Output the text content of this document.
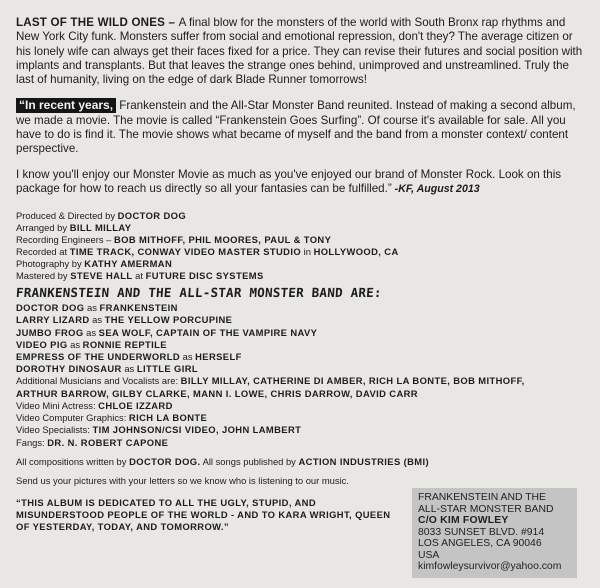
LAST OF THE WILD ONES – A final blow for the monsters of the world with South Bronx rap rhythms and New York City funk. Monsters suffer from social and emotional repression, don't they? The average citizen or his lonely wife can always get their faces fixed for a price. They can revise their futures and social position with implants and transplants. But that leaves the strange ones behind, unimproved and unstreamlined. Truly the last of humanity, living on the edge of dark Blade Runner tomorrows!

“In recent years, Frankenstein and the All-Star Monster Band reunited. Instead of making a second album, we made a movie. The movie is called “Frankenstein Goes Surfing”. Of course it's available for sale. All you have to do is find it. The movie shows what became of myself and the band from a monster context/ content perspective.

I know you'll enjoy our Monster Movie as much as you've enjoyed our brand of Monster Rock. Look on this package for how to reach us directly so all your fantasies can be fulfilled.” -KF, August 2013

Produced & Directed by DOCTOR DOG
Arranged by BILL MILLAY
Recording Engineers – BOB MITHOFF, PHIL MOORES, PAUL & TONY
Recorded at TIME TRACK, CONWAY VIDEO MASTER STUDIO in HOLLYWOOD, CA
Photography by KATHY AMERMAN
Mastered by STEVE HALL at FUTURE DISC SYSTEMS
FRANKENSTEIN AND THE ALL-STAR MONSTER BAND ARE:
DOCTOR DOG as FRANKENSTEIN
LARRY LIZARD as THE YELLOW PORCUPINE
JUMBO FROG as SEA WOLF, CAPTAIN OF THE VAMPIRE NAVY
VIDEO PIG as RONNIE REPTILE
EMPRESS OF THE UNDERWORLD as HERSELF
DOROTHY DINOSAUR as LITTLE GIRL
Additional Musicians and Vocalists are: BILLY MILLAY, CATHERINE DI AMBER, RICH LA BONTE, BOB MITHOFF,
ARTHUR BARROW, GILBY CLARKE, MANN I. LOWE, CHRIS DARROW, DAVID CARR
Video Mini Actress: CHLOE IZZARD
Video Computer Graphics: RICH LA BONTE
Video Specialists: TIM JOHNSON/CSI VIDEO, JOHN LAMBERT
Fangs: DR. N. ROBERT CAPONE
All compositions written by DOCTOR DOG. All songs published by ACTION INDUSTRIES (BMI)
Send us your pictures with your letters so we know who is listening to our music.
“THIS ALBUM IS DEDICATED TO ALL THE UGLY, STUPID, AND MISUNDERSTOOD PEOPLE OF THE WORLD - AND TO KARA WRIGHT, QUEEN OF YESTERDAY, TODAY, AND TOMORROW.”
FRANKENSTEIN AND THE
ALL-STAR MONSTER BAND
C/O KIM FOWLEY
8033 SUNSET BLVD. #914
LOS ANGELES, CA 90046
USA
kimfowleysurvivor@yahoo.com
